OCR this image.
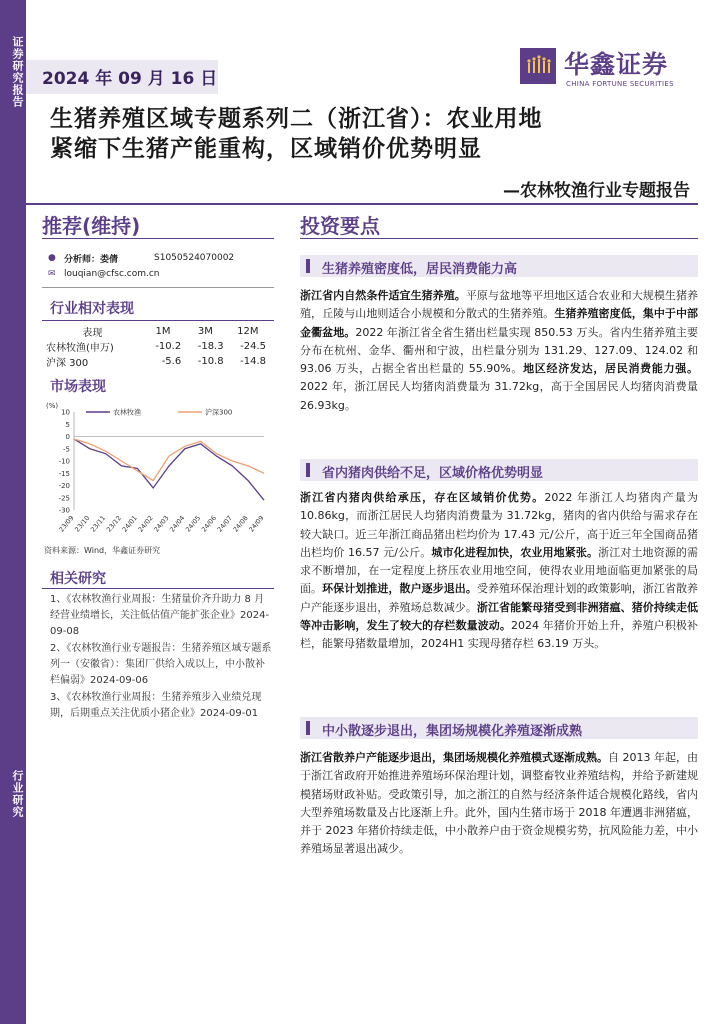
证券研究报告
行业研究
2024 年 09 月 16 日	华鑫证券
CHINA FORTUNE SECURITIES
生猪养殖区域专题系列二（浙江省）：农业用地
紧缩下生猪产能重构，区域销价优势明显
—农林牧渔行业专题报告
推荐(维持)
● 分析师：娄倩	S1050524070002
✉ louqian@cfsc.com.cn
行业相对表现
表现	1M	3M	12M
农林牧渔(申万)	-10.2	-18.3	-24.5
沪深 300	-5.6	-10.8	-14.8
市场表现
(%)
10
5
0
-5
-10
-15
-20
-25
-30
23/09
23/10
23/11
23/12
24/01
24/02
24/03
24/04
24/05
24/06
24/07
24/08
24/09
农林牧渔	沪深300
资料来源：Wind，华鑫证券研究
相关研究
1、《农林牧渔行业周报：生猪量价齐升助力 8 月经营业绩增长，关注低估值产能扩张企业》2024-09-08
2、《农林牧渔行业专题报告：生猪养殖区域专题系列一（安徽省）：集团厂供给入成以上，中小散补栏偏弱》2024-09-06
3、《农林牧渔行业周报：生猪养殖步入业绩兑现期，后期重点关注优质小猪企业》2024-09-01
投资要点
生猪养殖密度低，居民消费能力高
浙江省内自然条件适宜生猪养殖。平原与盆地等平坦地区适合农业和大规模生猪养殖，丘陵与山地则适合小规模和分散式的生猪养殖。生猪养殖密度低，集中于中部金衢盆地。2022 年浙江省全省生猪出栏量实现 850.53 万头。省内生猪养殖主要分布在杭州、金华、衢州和宁波，出栏量分别为 131.29、127.09、124.02 和 93.06 万头，占据全省出栏量的 55.90%。地区经济发达，居民消费能力强。2022 年，浙江居民人均猪肉消费量为 31.72kg，高于全国居民人均猪肉消费量 26.93kg。
省内猪肉供给不足，区域价格优势明显
浙江省内猪肉供给承压，存在区域销价优势。2022 年浙江人均猪肉产量为 10.86kg，而浙江居民人均猪肉消费量为 31.72kg，猪肉的省内供给与需求存在较大缺口。近三年浙江商品猪出栏均价为 17.43 元/公斤，高于近三年全国商品猪出栏均价 16.57 元/公斤。城市化进程加快，农业用地紧张。浙江对土地资源的需求不断增加，在一定程度上挤压农业用地空间，使得农业用地面临更加紧张的局面。环保计划推进，散户逐步退出。受养殖环保治理计划的政策影响，浙江省散养户产能逐步退出，养殖场总数减少。浙江省能繁母猪受到非洲猪瘟、猪价持续走低等冲击影响，发生了较大的存栏数量波动。2024 年猪价开始上升，养殖户积极补栏，能繁母猪数量增加，2024H1 实现母猪存栏 63.19 万头。
中小散逐步退出，集团场规模化养殖逐渐成熟
浙江省散养户产能逐步退出，集团场规模化养殖模式逐渐成熟。自 2013 年起，由于浙江省政府开始推进养殖场环保治理计划，调整畜牧业养殖结构，并给予新建规模猪场财政补贴。受政策引导，加之浙江的自然与经济条件适合规模化路线，省内大型养殖场数量及占比逐渐上升。此外，国内生猪市场于 2018 年遭遇非洲猪瘟，并于 2023 年猪价持续走低，中小散养户由于资金规模劣势，抗风险能力差，中小养殖场显著退出减少。
